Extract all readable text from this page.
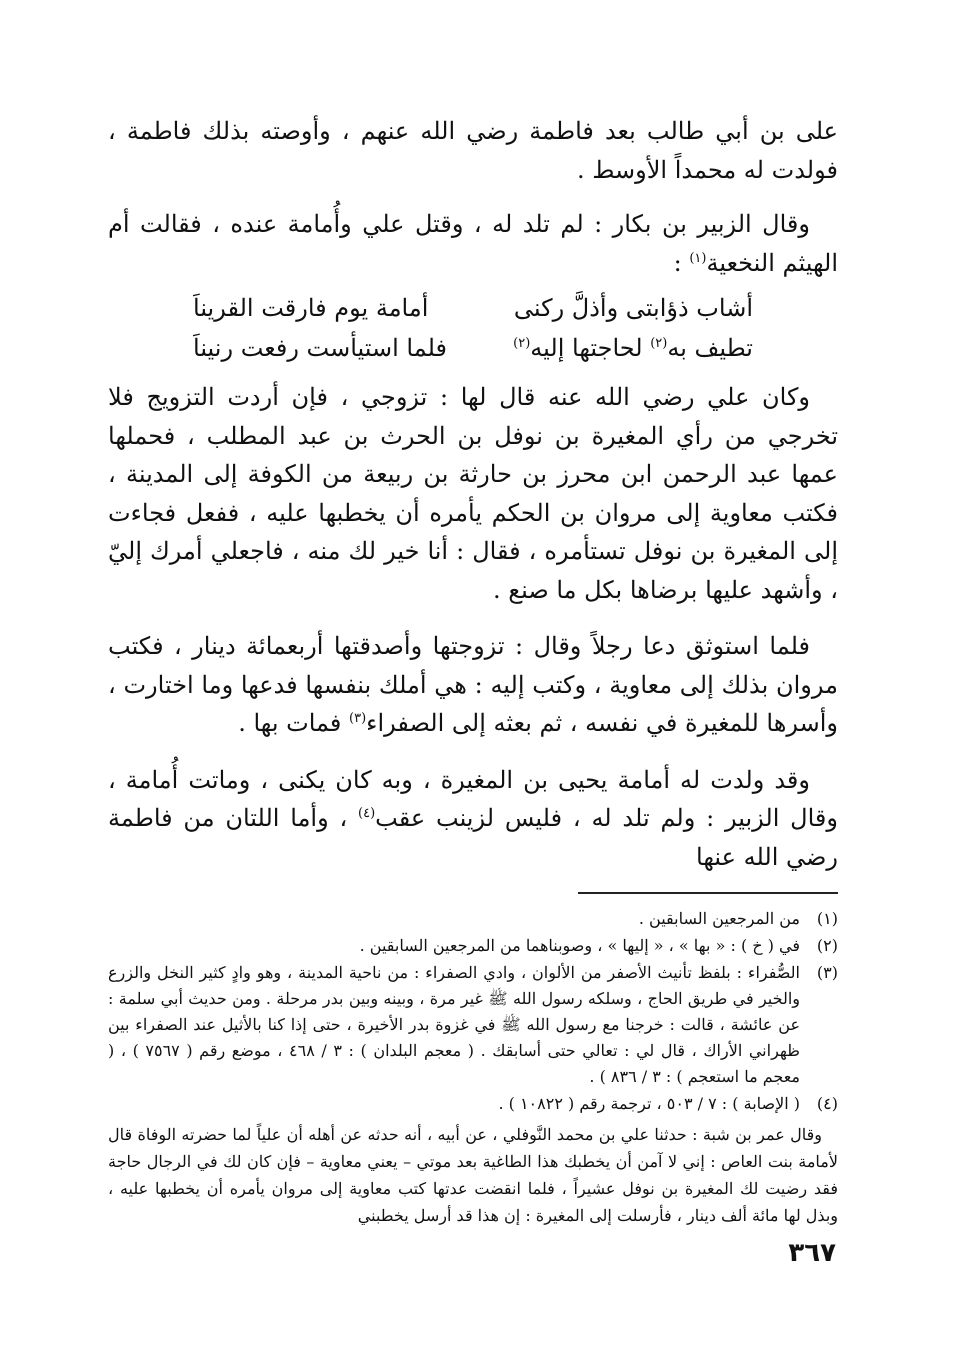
على بن أبي طالب بعد فاطمة رضي الله عنهم ، وأوصته بذلك فاطمة ، فولدت له محمداً الأوسط .

وقال الزبير بن بكار : لم تلد له ، وقتل علي وأُمامة عنده ، فقالت أم الهيثم النخعية$^{(١)}$ :

أشاب ذؤابتى وأذلَّ ركنى
أمامة يوم فارقت القريناَ
تطيف به$^{(٢)}$ لحاجتها إليه$^{(٢)}$
فلما استيأست رفعت رنيناَ

وكان علي رضي الله عنه قال لها : تزوجي ، فإن أردت التزويج فلا تخرجي من رأي المغيرة بن نوفل بن الحرث بن عبد المطلب ، فحملها عمها عبد الرحمن ابن محرز بن حارثة بن ربيعة من الكوفة إلى المدينة ، فكتب معاوية إلى مروان بن الحكم يأمره أن يخطبها عليه ، ففعل فجاءت إلى المغيرة بن نوفل تستأمره ، فقال : أنا خير لك منه ، فاجعلي أمرك إليّ ، وأشهد عليها برضاها بكل ما صنع .

فلما استوثق دعا رجلاً وقال : تزوجتها وأصدقتها أربعمائة دينار ، فكتب مروان بذلك إلى معاوية ، وكتب إليه : هي أملك بنفسها فدعها وما اختارت ، وأسرها للمغيرة في نفسه ، ثم بعثه إلى الصفراء$^{(٣)}$ فمات بها .

وقد ولدت له أمامة يحيى بن المغيرة ، وبه كان يكنى ، وماتت أُمامة ، وقال الزبير : ولم تلد له ، فليس لزينب عقب$^{(٤)}$ ، وأما اللتان من فاطمة رضي الله عنها

(١)
من المرجعين السابقين .
(٢)
في ( خ ) : « بها » ، « إليها » ، وصوبناهما من المرجعين السابقين .
(٣)
الصُّفراء : بلفظ تأنيث الأصفر من الألوان ، وادي الصفراء : من ناحية المدينة ، وهو وادٍ كثير النخل والزرع والخير في طريق الحاج ، وسلكه رسول الله ﷺ غير مرة ، وبينه وبين بدر مرحلة . ومن حديث أبي سلمة : عن عائشة ، قالت : خرجنا مع رسول الله ﷺ في غزوة بدر الأخيرة ، حتى إذا كنا بالأثيل عند الصفراء بين ظهراني الأراك ، قال لي : تعالي حتى أسابقك . ( معجم البلدان ) : ٣ / ٤٦٨ ، موضع رقم ( ٧٥٦٧ ) ، ( معجم ما استعجم ) : ٣ / ٨٣٦ ) .
(٤)
( الإصابة ) : ٧ / ٥٠٣ ، ترجمة رقم ( ١٠٨٢٢ ) .

وقال عمر بن شبة : حدثنا علي بن محمد النَّوفلي ، عن أبيه ، أنه حدثه عن أهله أن علياً لما حضرته الوفاة قال لأمامة بنت العاص : إني لا آمن أن يخطبك هذا الطاغية بعد موتي – يعني معاوية – فإن كان لك في الرجال حاجة فقد رضيت لك المغيرة بن نوفل عشيراً ، فلما انقضت عدتها كتب معاوية إلى مروان يأمره أن يخطبها عليه ، وبذل لها مائة ألف دينار ، فأرسلت إلى المغيرة : إن هذا قد أرسل يخطبني

٣٦٧
